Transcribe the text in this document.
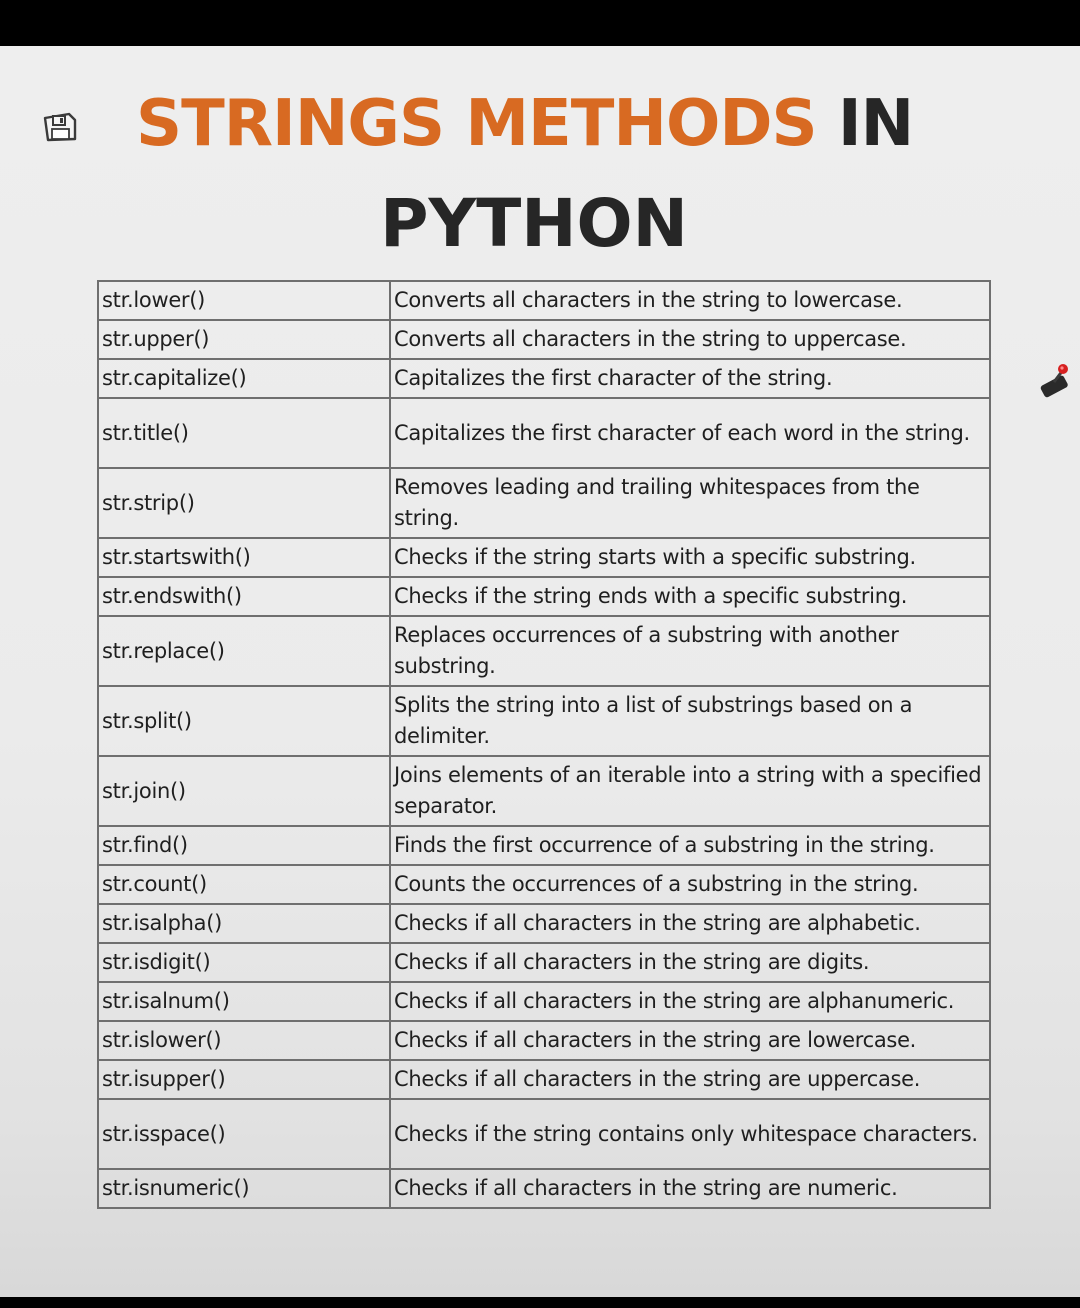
STRINGS METHODS IN
PYTHON
str.lower()	Converts all characters in the string to lowercase.
str.upper()	Converts all characters in the string to uppercase.
str.capitalize()	Capitalizes the first character of the string.
str.title()	Capitalizes the first character of each word in the string.
str.strip()	Removes leading and trailing whitespaces from the string.
str.startswith()	Checks if the string starts with a specific substring.
str.endswith()	Checks if the string ends with a specific substring.
str.replace()	Replaces occurrences of a substring with another substring.
str.split()	Splits the string into a list of substrings based on a delimiter.
str.join()	Joins elements of an iterable into a string with a specified separator.
str.find()	Finds the first occurrence of a substring in the string.
str.count()	Counts the occurrences of a substring in the string.
str.isalpha()	Checks if all characters in the string are alphabetic.
str.isdigit()	Checks if all characters in the string are digits.
str.isalnum()	Checks if all characters in the string are alphanumeric.
str.islower()	Checks if all characters in the string are lowercase.
str.isupper()	Checks if all characters in the string are uppercase.
str.isspace()	Checks if the string contains only whitespace characters.
str.isnumeric()	Checks if all characters in the string are numeric.
